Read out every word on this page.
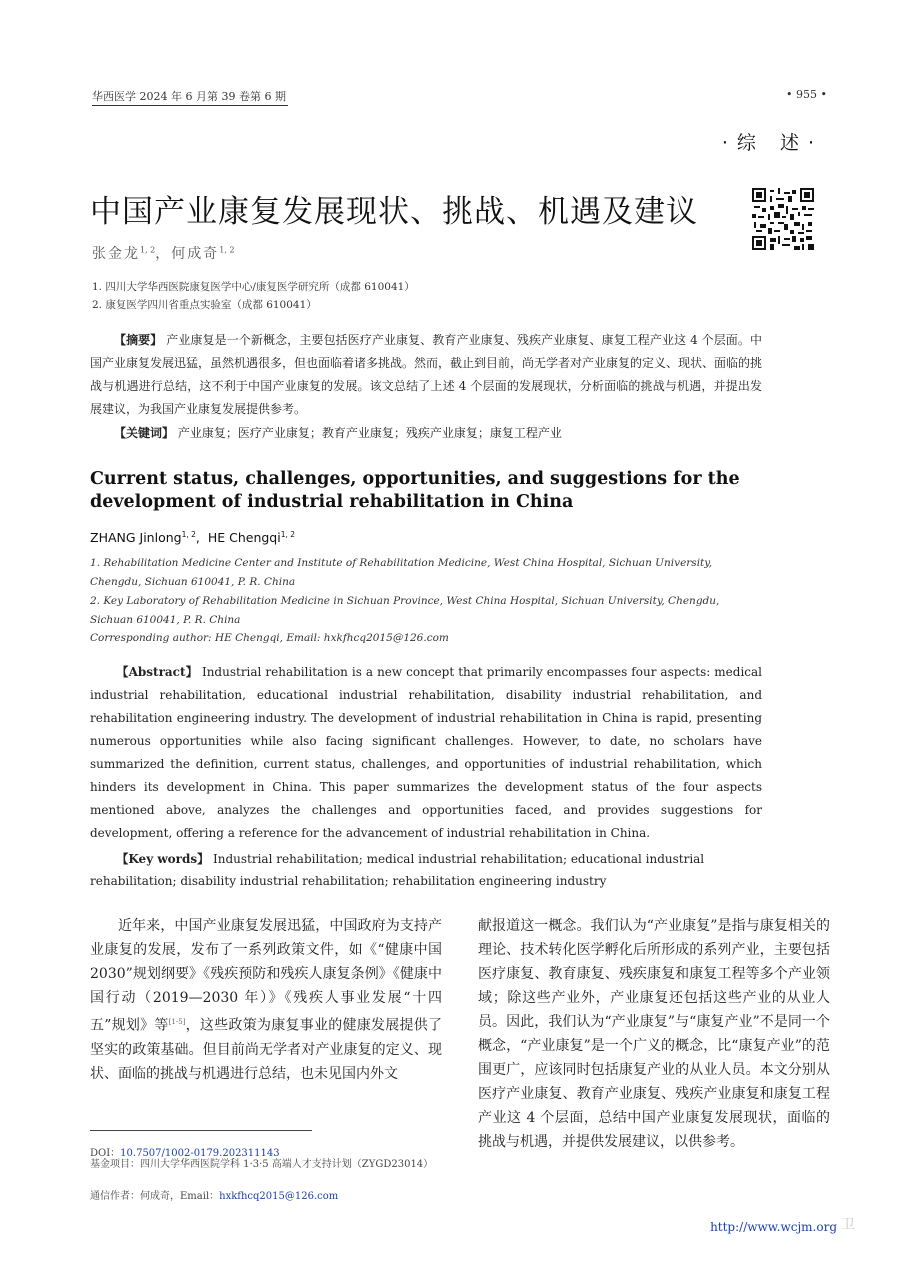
华西医学 2024 年 6 月第 39 卷第 6 期	• 955 •
·综 述·
中国产业康复发展现状、挑战、机遇及建议
张金龙$^{1, 2}$，何成奇$^{1, 2}$
1. 四川大学华西医院康复医学中心/康复医学研究所（成都 610041）
2. 康复医学四川省重点实验室（成都 610041）
【摘要】 产业康复是一个新概念，主要包括医疗产业康复、教育产业康复、残疾产业康复、康复工程产业这 4 个层面。中国产业康复发展迅猛，虽然机遇很多，但也面临着诸多挑战。然而，截止到目前，尚无学者对产业康复的定义、现状、面临的挑战与机遇进行总结，这不利于中国产业康复的发展。该文总结了上述 4 个层面的发展现状，分析面临的挑战与机遇，并提出发展建议，为我国产业康复发展提供参考。
【关键词】 产业康复；医疗产业康复；教育产业康复；残疾产业康复；康复工程产业
Current status, challenges, opportunities, and suggestions for the development of industrial rehabilitation in China
ZHANG Jinlong$^{1, 2}$,  HE Chengqi$^{1, 2}$
1. Rehabilitation Medicine Center and Institute of Rehabilitation Medicine, West China Hospital, Sichuan University, Chengdu, Sichuan 610041, P. R. China
2. Key Laboratory of Rehabilitation Medicine in Sichuan Province, West China Hospital, Sichuan University, Chengdu, Sichuan 610041, P. R. China
Corresponding author: HE Chengqi, Email: hxkfhcq2015@126.com
【Abstract】 Industrial rehabilitation is a new concept that primarily encompasses four aspects: medical industrial rehabilitation, educational industrial rehabilitation, disability industrial rehabilitation, and rehabilitation engineering industry. The development of industrial rehabilitation in China is rapid, presenting numerous opportunities while also facing significant challenges. However, to date, no scholars have summarized the definition, current status, challenges, and opportunities of industrial rehabilitation, which hinders its development in China. This paper summarizes the development status of the four aspects mentioned above, analyzes the challenges and opportunities faced, and provides suggestions for development, offering a reference for the advancement of industrial rehabilitation in China.
【Key words】 Industrial rehabilitation; medical industrial rehabilitation; educational industrial rehabilitation; disability industrial rehabilitation; rehabilitation engineering industry
近年来，中国产业康复发展迅猛，中国政府为支持产业康复的发展，发布了一系列政策文件，如《“健康中国 2030”规划纲要》《残疾预防和残疾人康复条例》《健康中国行动（2019—2030 年）》《残疾人事业发展“十四五”规划》等[1-5]，这些政策为康复事业的健康发展提供了坚实的政策基础。但目前尚无学者对产业康复的定义、现状、面临的挑战与机遇进行总结，也未见国内外文
献报道这一概念。我们认为“产业康复”是指与康复相关的理论、技术转化医学孵化后所形成的系列产业，主要包括医疗康复、教育康复、残疾康复和康复工程等多个产业领域；除这些产业外，产业康复还包括这些产业的从业人员。因此，我们认为“产业康复”与“康复产业”不是同一个概念，“产业康复”是一个广义的概念，比“康复产业”的范围更广，应该同时包括康复产业的从业人员。本文分别从医疗产业康复、教育产业康复、残疾产业康复和康复工程产业这 4 个层面，总结中国产业康复发展现状，面临的挑战与机遇，并提供发展建议，以供参考。
DOI：10.7507/1002-0179.202311143
基金项目：四川大学华西医院学科 1·3·5 高端人才支持计划（ZYGD23014）
通信作者：何成奇，Email：hxkfhcq2015@126.com
http://www.wcjm.org 卫
